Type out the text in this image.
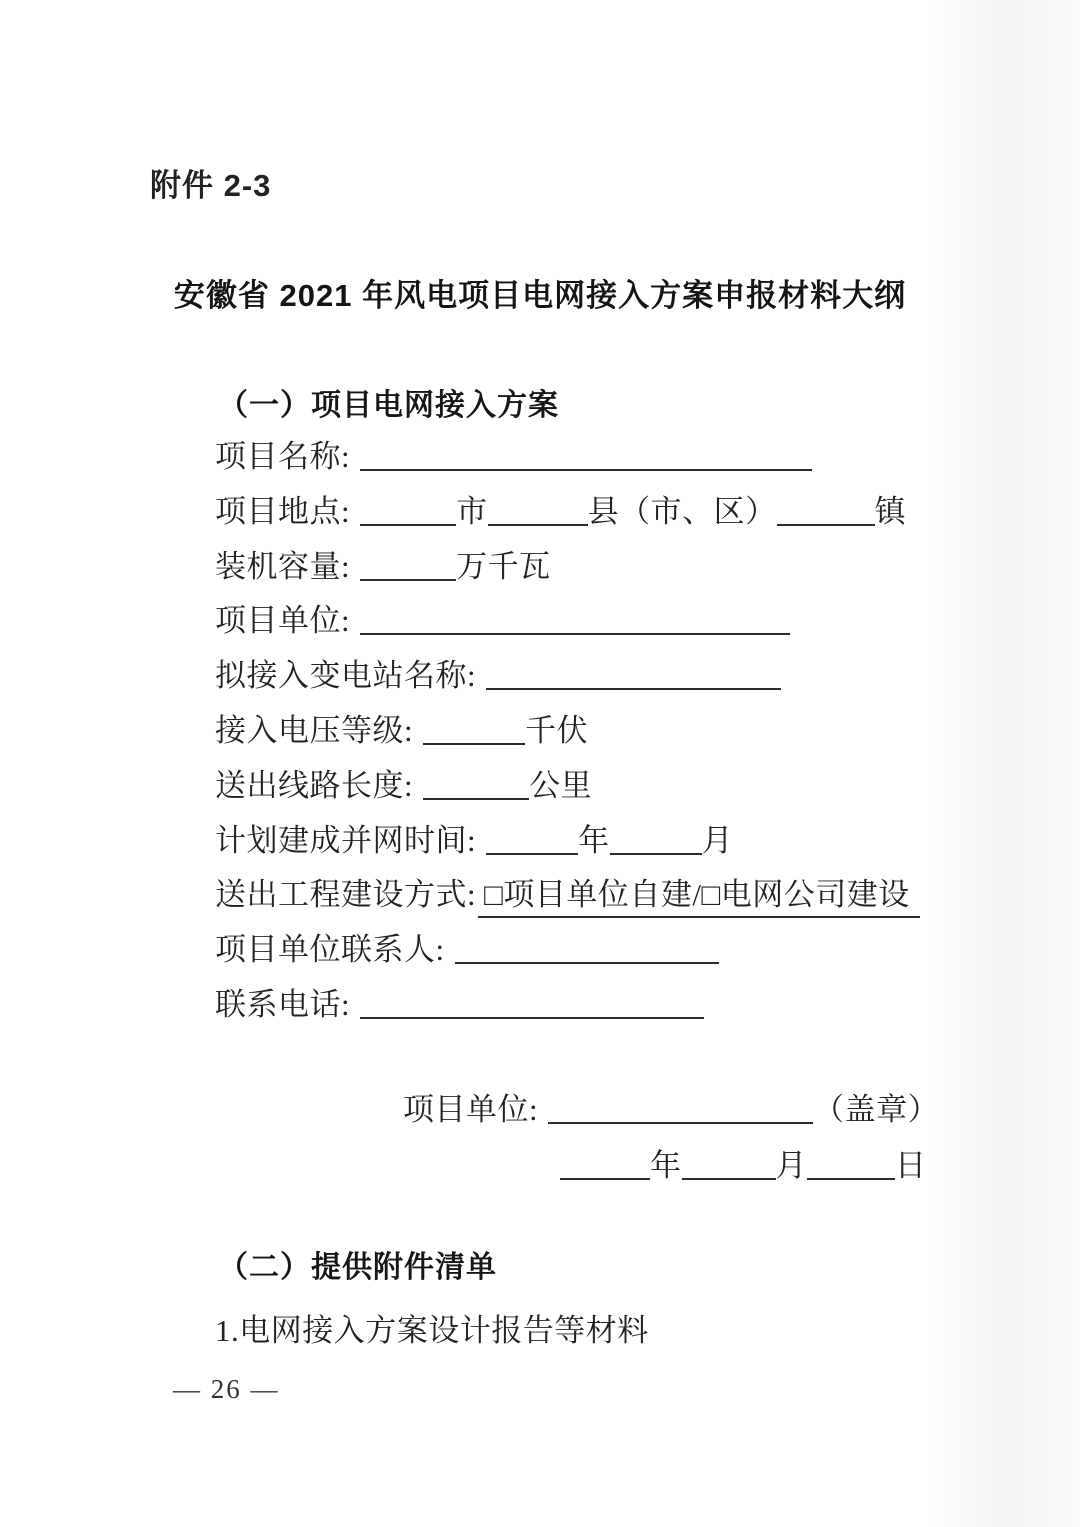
附件 2-3
安徽省 2021 年风电项目电网接入方案申报材料大纲
（一）项目电网接入方案
项目名称:
项目地点:	市	县（市、区）	镇
装机容量:	万千瓦
项目单位:
拟接入变电站名称:
接入电压等级:	千伏
送出线路长度:	公里
计划建成并网时间:	年	月
送出工程建设方式: □项目单位自建/□电网公司建设
项目单位联系人:
联系电话:
项目单位:	（盖章）
年	月	日
（二）提供附件清单
1.电网接入方案设计报告等材料
— 26 —
